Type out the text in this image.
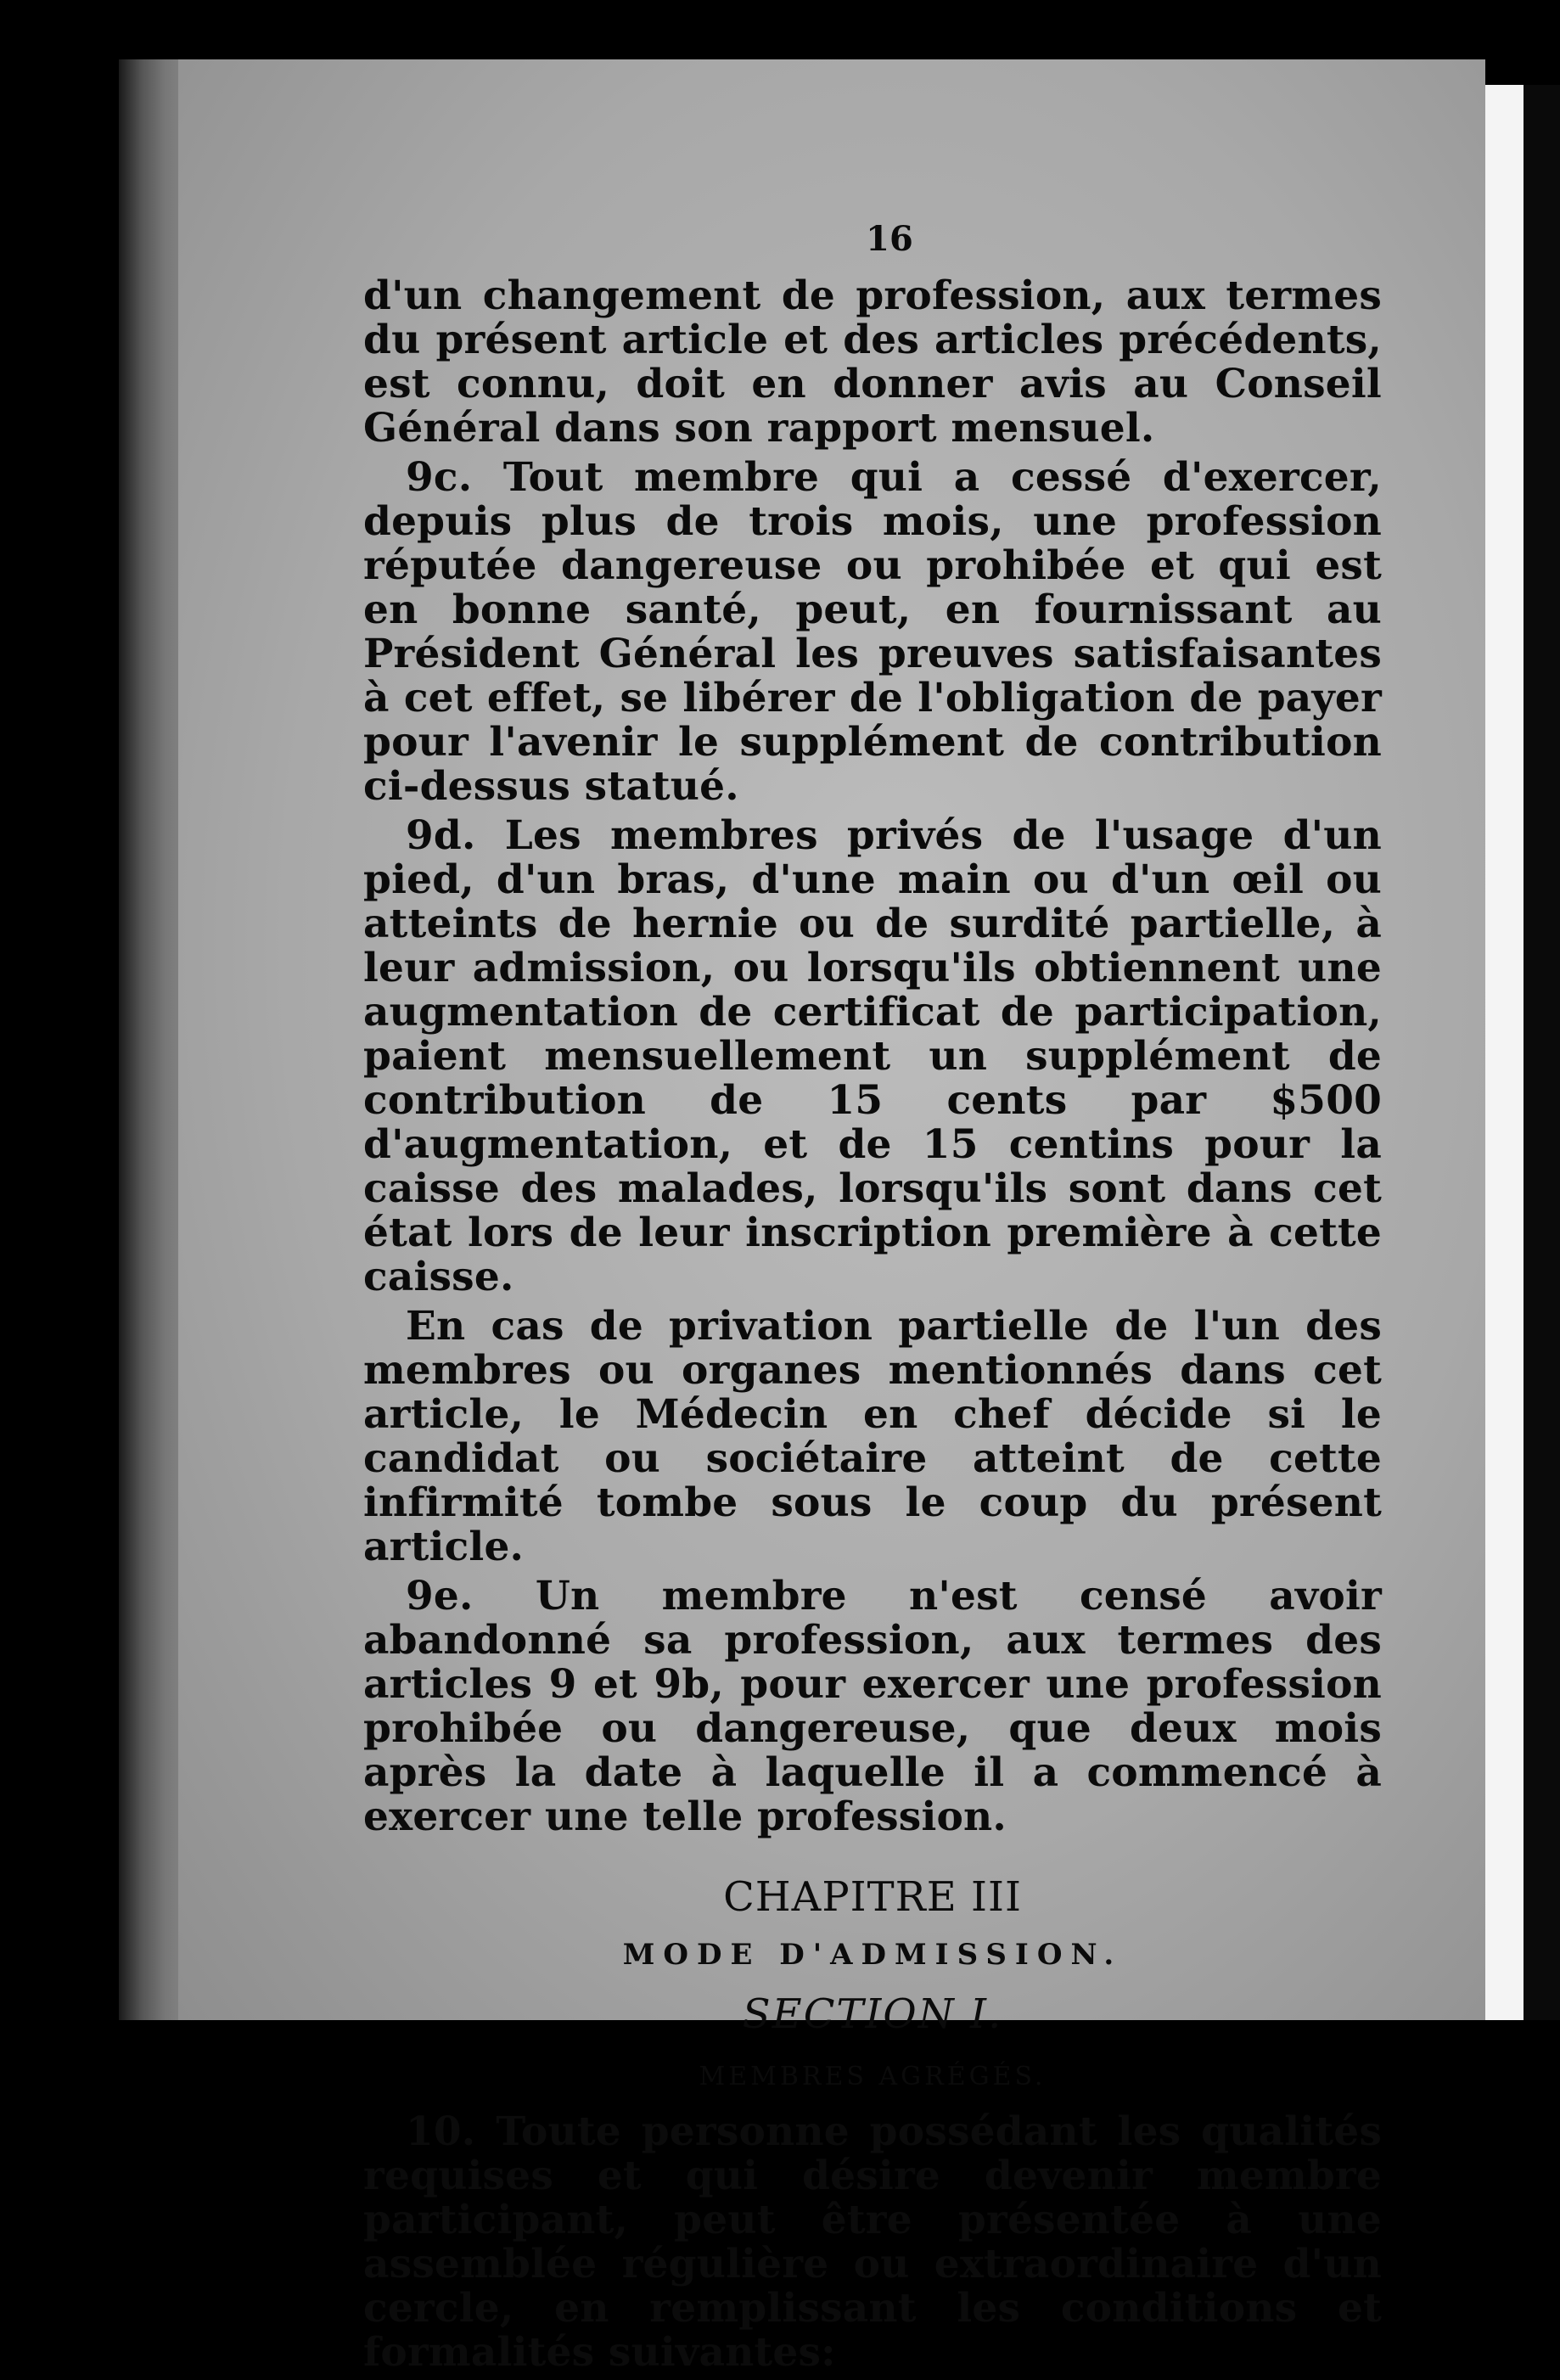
16

d'un changement de profession, aux termes du présent article et des articles précédents, est connu, doit en donner avis au Conseil Général dans son rapport mensuel.

9c. Tout membre qui a cessé d'exercer, depuis plus de trois mois, une profession réputée dangereuse ou prohibée et qui est en bonne santé, peut, en fournissant au Président Général les preuves satisfaisantes à cet effet, se libérer de l'obligation de payer pour l'avenir le supplément de contribution ci-dessus statué.

9d. Les membres privés de l'usage d'un pied, d'un bras, d'une main ou d'un œil ou atteints de hernie ou de surdité partielle, à leur admission, ou lorsqu'ils obtiennent une augmentation de certificat de participation, paient mensuellement un supplément de contribution de 15 cents par $500 d'augmentation, et de 15 centins pour la caisse des malades, lorsqu'ils sont dans cet état lors de leur inscription première à cette caisse.

En cas de privation partielle de l'un des membres ou organes mentionnés dans cet article, le Médecin en chef décide si le candidat ou sociétaire atteint de cette infirmité tombe sous le coup du présent article.

9e. Un membre n'est censé avoir abandonné sa profession, aux termes des articles 9 et 9b, pour exercer une profession prohibée ou dangereuse, que deux mois après la date à laquelle il a commencé à exercer une telle profession.

CHAPITRE III
MODE D'ADMISSION.
SECTION I.
MEMBRES AGRÉGÉS.

10. Toute personne possédant les qualités requises et qui désire devenir membre participant, peut être présentée à une assemblée régulière ou extraordinaire d'un cercle, en remplissant les conditions et formalités suivantes:
